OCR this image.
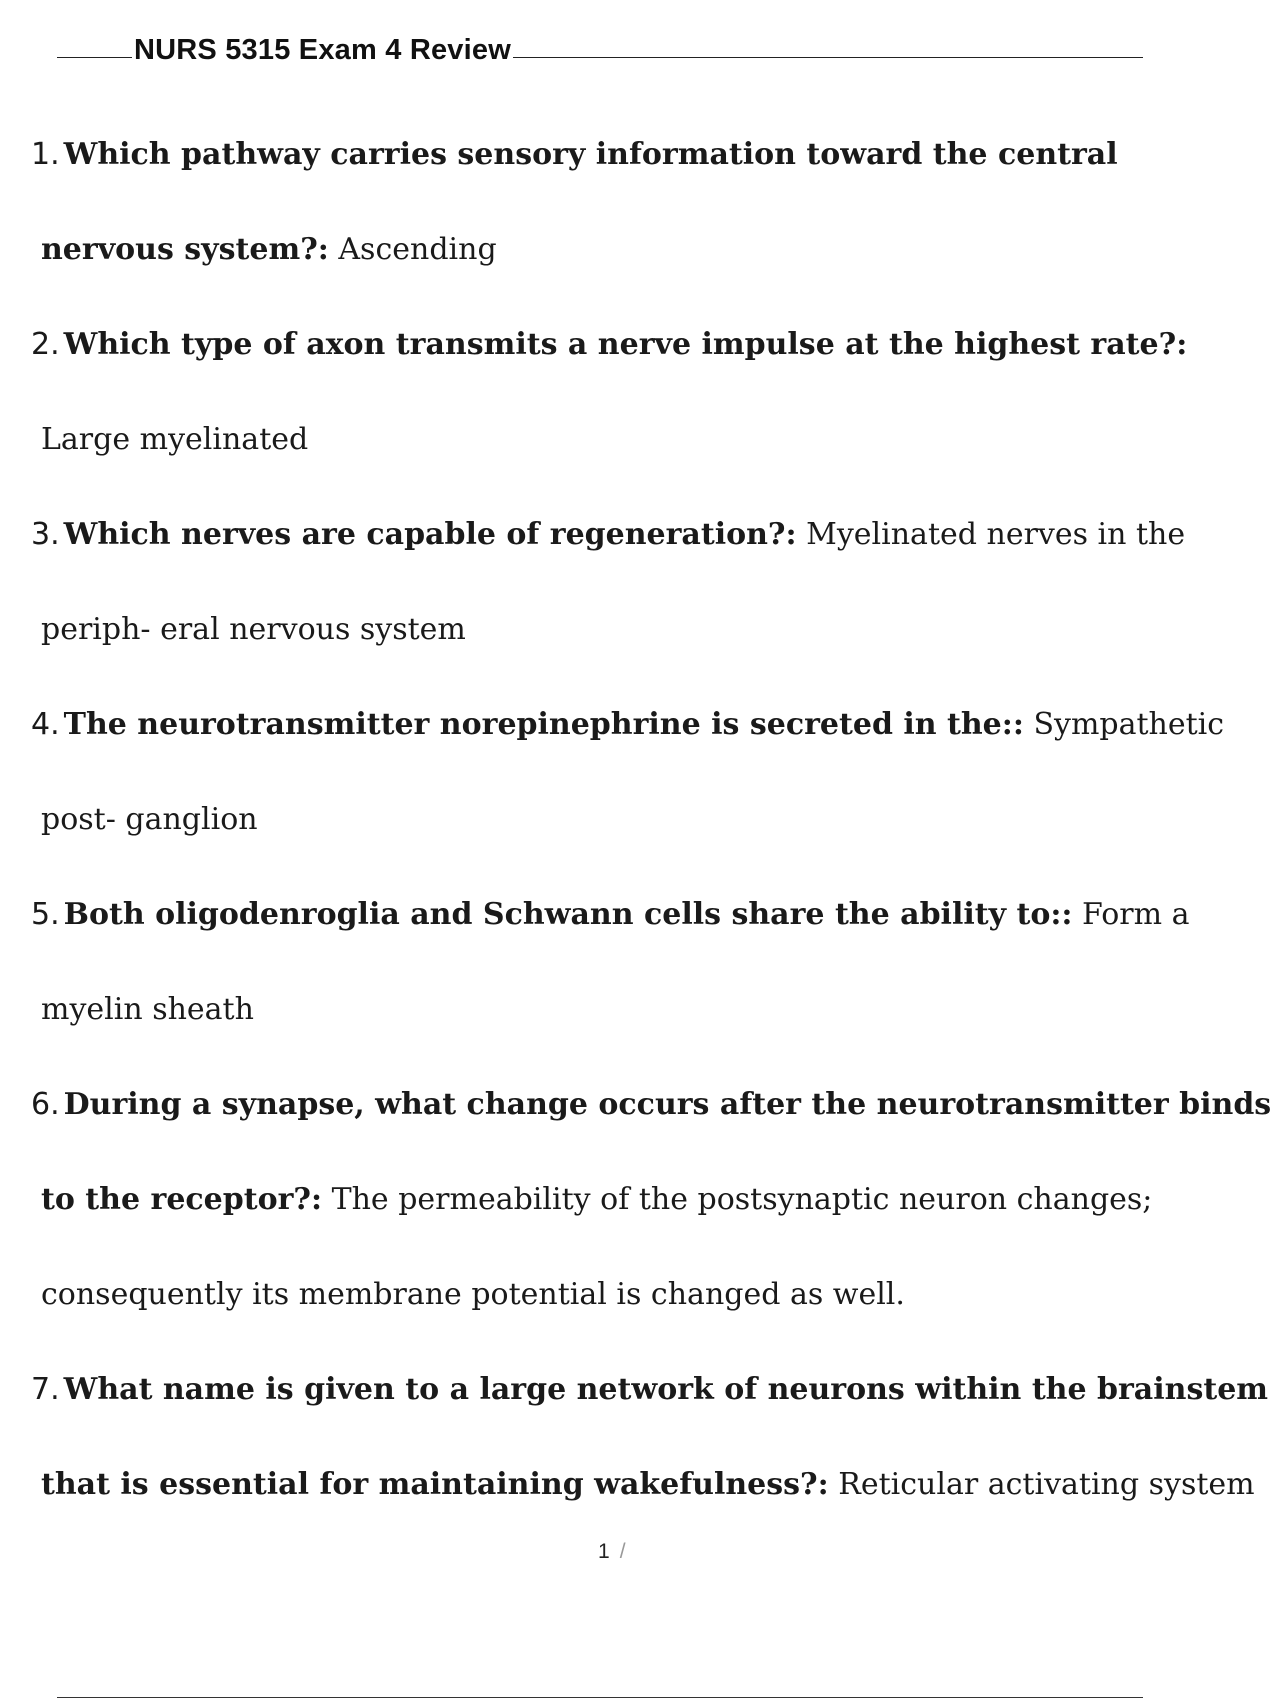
NURS 5315 Exam 4 Review
1. Which pathway carries sensory information toward the central
nervous system?: Ascending
2. Which type of axon transmits a nerve impulse at the highest rate?:
Large myelinated
3. Which nerves are capable of regeneration?: Myelinated nerves in the
periph- eral nervous system
4. The neurotransmitter norepinephrine is secreted in the:: Sympathetic
post- ganglion
5. Both oligodenroglia and Schwann cells share the ability to:: Form a
myelin sheath
6. During a synapse, what change occurs after the neurotransmitter binds
to the receptor?: The permeability of the postsynaptic neuron changes;
consequently its membrane potential is changed as well.
7. What name is given to a large network of neurons within the brainstem
that is essential for maintaining wakefulness?: Reticular activating system
1 /
